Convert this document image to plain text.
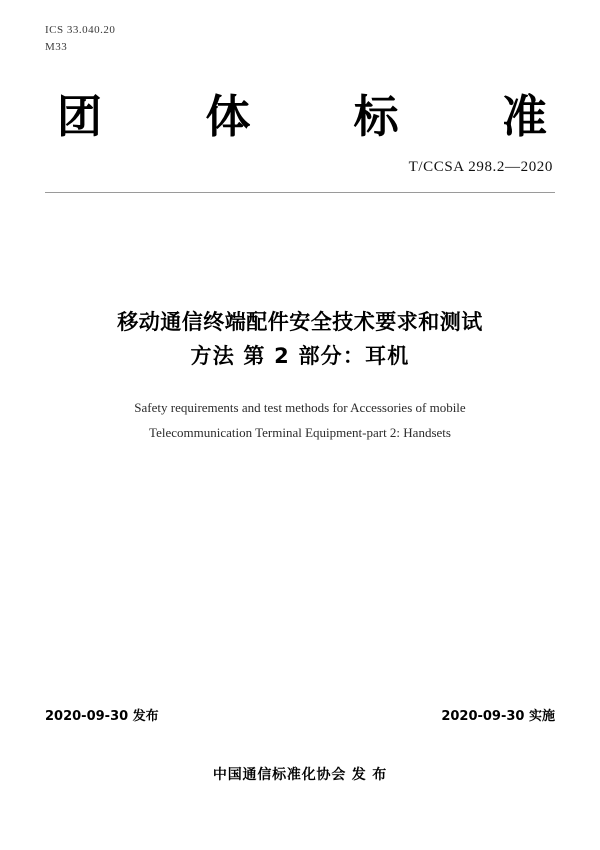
ICS 33.040.20
M33
团 体 标 准
T/CCSA 298.2—2020
移动通信终端配件安全技术要求和测试
方法 第 2 部分：耳机
Safety requirements and test methods for Accessories of mobile
Telecommunication Terminal Equipment-part 2: Handsets
2020-09-30 发布	2020-09-30 实施
中国通信标准化协会 发 布
